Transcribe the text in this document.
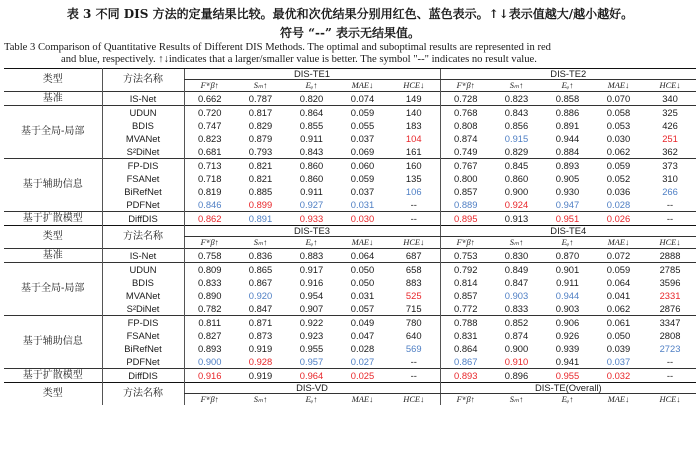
表 3 不同 DIS 方法的定量结果比较。最优和次优结果分别用红色、蓝色表示。↑↓表示值越大/越小越好。
符号 “--” 表示无结果值。
Table 3 Comparison of Quantitative Results of Different DIS Methods. The optimal and suboptimal results are represented in red
and blue, respectively. ↑↓indicates that a larger/smaller value is better. The symbol "--" indicates no result value.
类型	方法名称	DIS-TE1					DIS-TE2				
		Fᵂβ↑	Sₘ↑	Eᵩ↑	MAE↓	HCE↓	Fᵂβ↑	Sₘ↑	Eᵩ↑	MAE↓	HCE↓
基准	IS-Net	0.662	0.787	0.820	0.074	149	0.728	0.823	0.858	0.070	340
基于全局-局部	UDUN	0.720	0.817	0.864	0.059	140	0.768	0.843	0.886	0.058	325
	BDIS	0.747	0.829	0.855	0.055	183	0.808	0.856	0.891	0.053	426
	MVANet	0.823	0.879	0.911	0.037	104	0.874	0.915	0.944	0.030	251
	S²DiNet	0.681	0.793	0.843	0.069	161	0.749	0.829	0.884	0.062	362
基于辅助信息	FP-DIS	0.713	0.821	0.860	0.060	160	0.767	0.845	0.893	0.059	373
	FSANet	0.718	0.821	0.860	0.059	135	0.800	0.860	0.905	0.052	310
	BiRefNet	0.819	0.885	0.911	0.037	106	0.857	0.900	0.930	0.036	266
	PDFNet	0.846	0.899	0.927	0.031	--	0.889	0.924	0.947	0.028	--
基于扩散模型	DiffDIS	0.862	0.891	0.933	0.030	--	0.895	0.913	0.951	0.026	--
类型	方法名称	DIS-TE3					DIS-TE4				
		Fᵂβ↑	Sₘ↑	Eᵩ↑	MAE↓	HCE↓	Fᵂβ↑	Sₘ↑	Eᵩ↑	MAE↓	HCE↓
基准	IS-Net	0.758	0.836	0.883	0.064	687	0.753	0.830	0.870	0.072	2888
基于全局-局部	UDUN	0.809	0.865	0.917	0.050	658	0.792	0.849	0.901	0.059	2785
	BDIS	0.833	0.867	0.916	0.050	883	0.814	0.847	0.911	0.064	3596
	MVANet	0.890	0.920	0.954	0.031	525	0.857	0.903	0.944	0.041	2331
	S²DiNet	0.782	0.847	0.907	0.057	715	0.772	0.833	0.903	0.062	2876
基于辅助信息	FP-DIS	0.811	0.871	0.922	0.049	780	0.788	0.852	0.906	0.061	3347
	FSANet	0.827	0.873	0.923	0.047	640	0.831	0.874	0.926	0.050	2808
	BiRefNet	0.893	0.919	0.955	0.028	569	0.864	0.900	0.939	0.039	2723
	PDFNet	0.900	0.928	0.957	0.027	--	0.867	0.910	0.941	0.037	--
基于扩散模型	DiffDIS	0.916	0.919	0.964	0.025	--	0.893	0.896	0.955	0.032	--
类型	方法名称	DIS-VD					DIS-TE(Overall)				
		Fᵂβ↑	Sₘ↑	Eᵩ↑	MAE↓	HCE↓	Fᵂβ↑	Sₘ↑	Eᵩ↑	MAE↓	HCE↓
